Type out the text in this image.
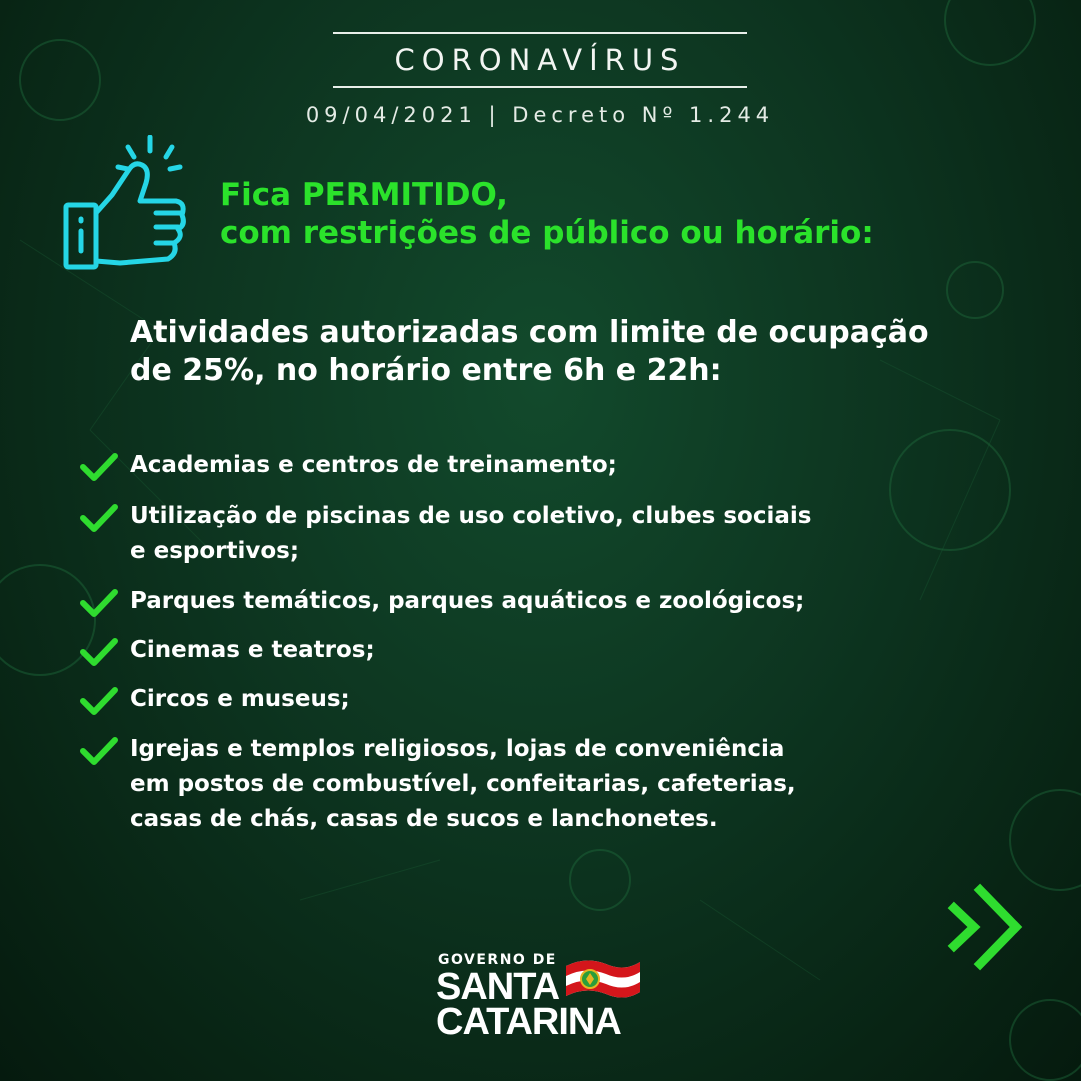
CORONAVÍRUS
09/04/2021 | Decreto Nº 1.244
Fica PERMITIDO,
com restrições de público ou horário:
Atividades autorizadas com limite de ocupação
de 25%, no horário entre 6h e 22h:
Academias e centros de treinamento;
Utilização de piscinas de uso coletivo, clubes sociais
e esportivos;
Parques temáticos, parques aquáticos e zoológicos;
Cinemas e teatros;
Circos e museus;
Igrejas e templos religiosos, lojas de conveniência
em postos de combustível, confeitarias, cafeterias,
casas de chás, casas de sucos e lanchonetes.
GOVERNO DE
SANTA
CATARINA
